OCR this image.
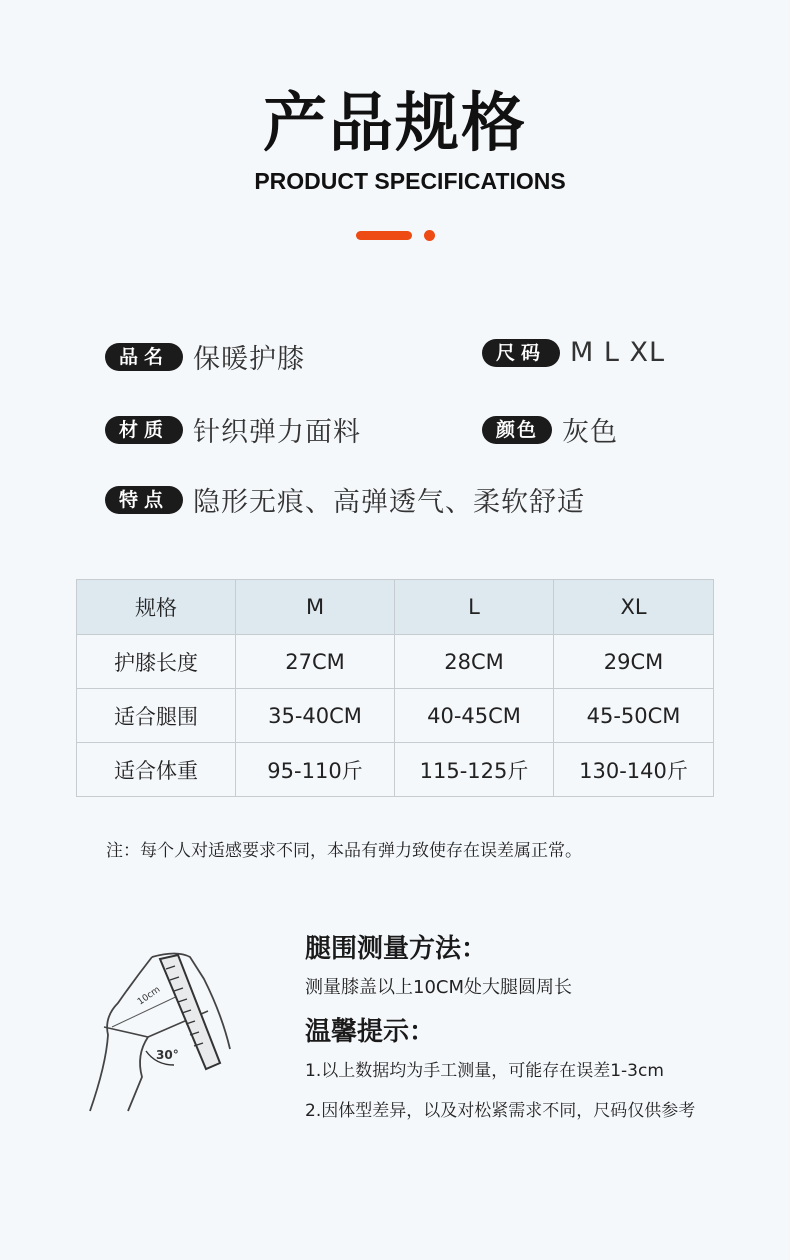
产品规格
PRODUCT SPECIFICATIONS
品名 保暖护膝	尺码 M L XL
材质 针织弹力面料	颜色 灰色
特点 隐形无痕、高弹透气、柔软舒适
规格	M	L	XL
护膝长度	27CM	28CM	29CM
适合腿围	35-40CM	40-45CM	45-50CM
适合体重	95-110斤	115-125斤	130-140斤
注：每个人对适感要求不同，本品有弹力致使存在误差属正常。
10cm
30°
腿围测量方法：
测量膝盖以上10CM处大腿圆周长
温馨提示：
1.以上数据均为手工测量，可能存在误差1-3cm
2.因体型差异，以及对松紧需求不同，尺码仅供参考
